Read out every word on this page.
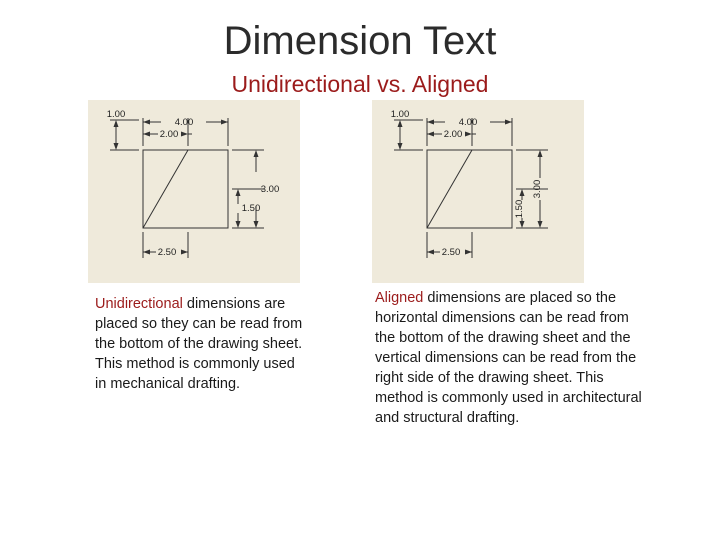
Dimension Text
Unidirectional vs. Aligned
4.00
2.00
1.00
3.00
1.50
2.50
4.00
2.00
1.00
3.00
1.50
2.50
Unidirectional dimensions are placed so they can be read from the bottom of the drawing sheet. This method is commonly used in mechanical drafting.
Aligned dimensions are placed so the horizontal dimensions can be read from the bottom of the drawing sheet and the vertical dimensions can be read from the right side of the drawing sheet. This method is commonly used in architectural and structural drafting.
